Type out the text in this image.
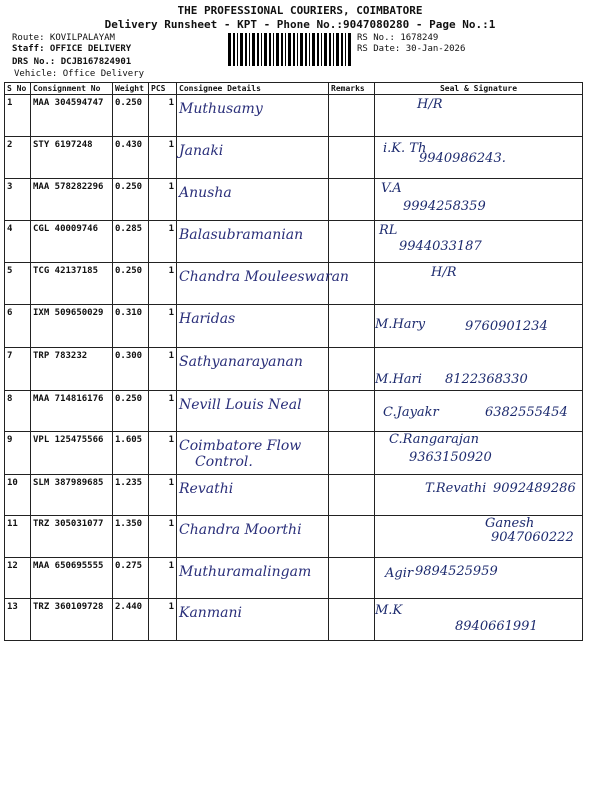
THE PROFESSIONAL COURIERS, COIMBATORE
Delivery Runsheet - KPT - Phone No.:9047080280 - Page No.:1
Route: KOVILPALAYAM
Staff: OFFICE DELIVERY
DRS No.: DCJB167824901
Vehicle: Office Delivery
RS No.: 1678249
RS Date: 30-Jan-2026
S No	Consignment No	Weight	PCS	Consignee Details	Remarks	Seal & Signature
1	MAA 304594747	0.250	1	Muthusamy		H/R

2	STY 6197248	0.430	1	Janaki		i.K. Th
9940986243.

3	MAA 578282296	0.250	1	Anusha		V.A
9994258359

4	CGL 40009746	0.285	1	Balasubramanian		RL
9944033187

5	TCG 42137185	0.250	1	Chandra Mouleeswaran		H/R

6	IXM 509650029	0.310	1	Haridas		M.Hary 9760901234

7	TRP 783232	0.300	1	Sathyanarayanan		M.Hari 8122368330

8	MAA 714816176	0.250	1	Nevill Louis Neal		C.Jayakr 6382555454

9	VPL 125475566	1.605	1	Coimbatore Flow
Control.		C.Rangarajan
9363150920

10	SLM 387989685	1.235	1	Revathi		T.Revathi 9092489286

11	TRZ 305031077	1.350	1	Chandra Moorthi		Ganesh
9047060222

12	MAA 650695555	0.275	1	Muthuramalingam		Agir 9894525959

13	TRZ 360109728	2.440	1	Kanmani		M.K
8940661991
